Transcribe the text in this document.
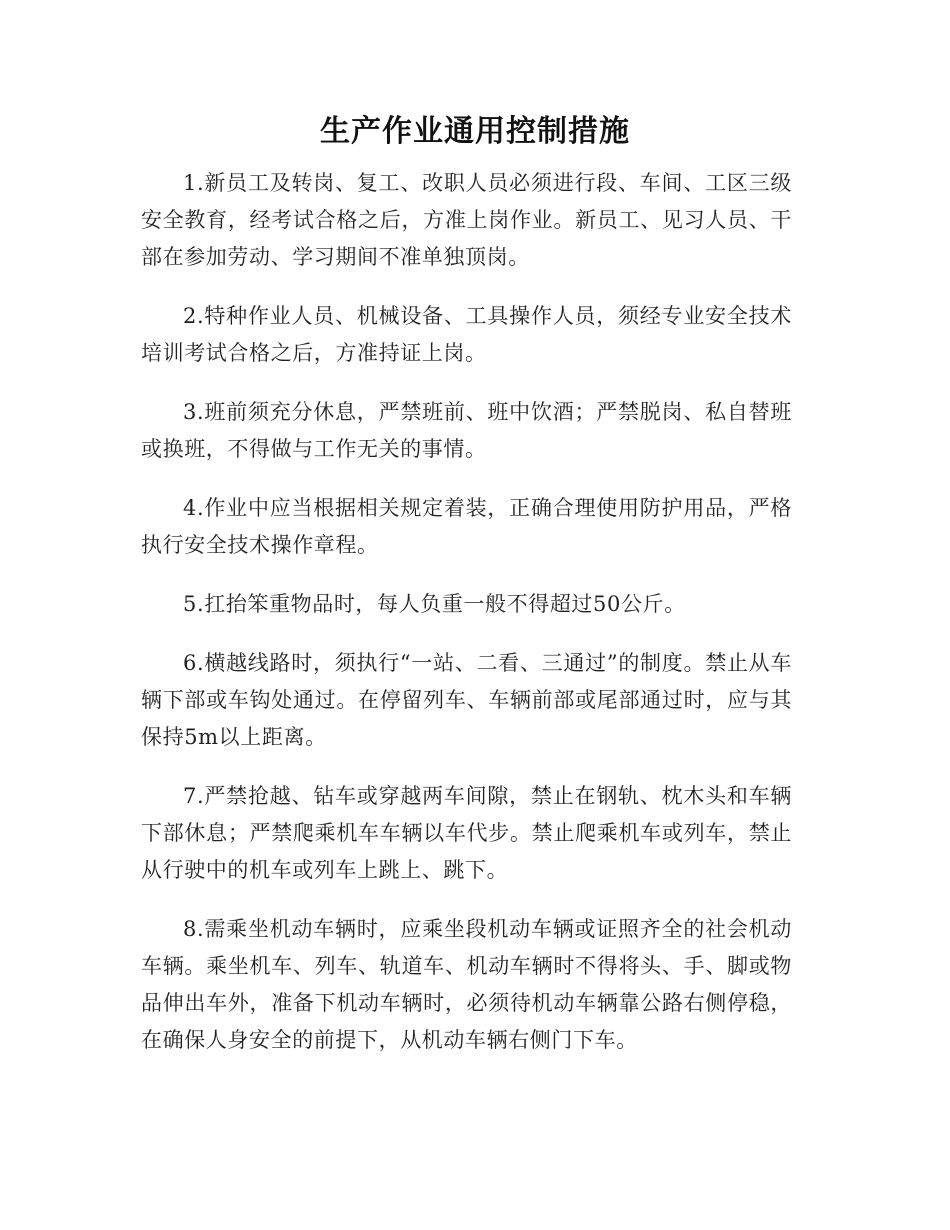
生产作业通用控制措施

1.新员工及转岗、复工、改职人员必须进行段、车间、工区三级安全教育，经考试合格之后，方准上岗作业。新员工、见习人员、干部在参加劳动、学习期间不准单独顶岗。

2.特种作业人员、机械设备、工具操作人员，须经专业安全技术培训考试合格之后，方准持证上岗。

3.班前须充分休息，严禁班前、班中饮酒；严禁脱岗、私自替班或换班，不得做与工作无关的事情。

4.作业中应当根据相关规定着装，正确合理使用防护用品，严格执行安全技术操作章程。

5.扛抬笨重物品时，每人负重一般不得超过50公斤。

6.横越线路时，须执行“一站、二看、三通过”的制度。禁止从车辆下部或车钩处通过。在停留列车、车辆前部或尾部通过时，应与其保持5m以上距离。

7.严禁抢越、钻车或穿越两车间隙，禁止在钢轨、枕木头和车辆下部休息；严禁爬乘机车车辆以车代步。禁止爬乘机车或列车，禁止从行驶中的机车或列车上跳上、跳下。

8.需乘坐机动车辆时，应乘坐段机动车辆或证照齐全的社会机动车辆。乘坐机车、列车、轨道车、机动车辆时不得将头、手、脚或物品伸出车外，准备下机动车辆时，必须待机动车辆靠公路右侧停稳，在确保人身安全的前提下，从机动车辆右侧门下车。
